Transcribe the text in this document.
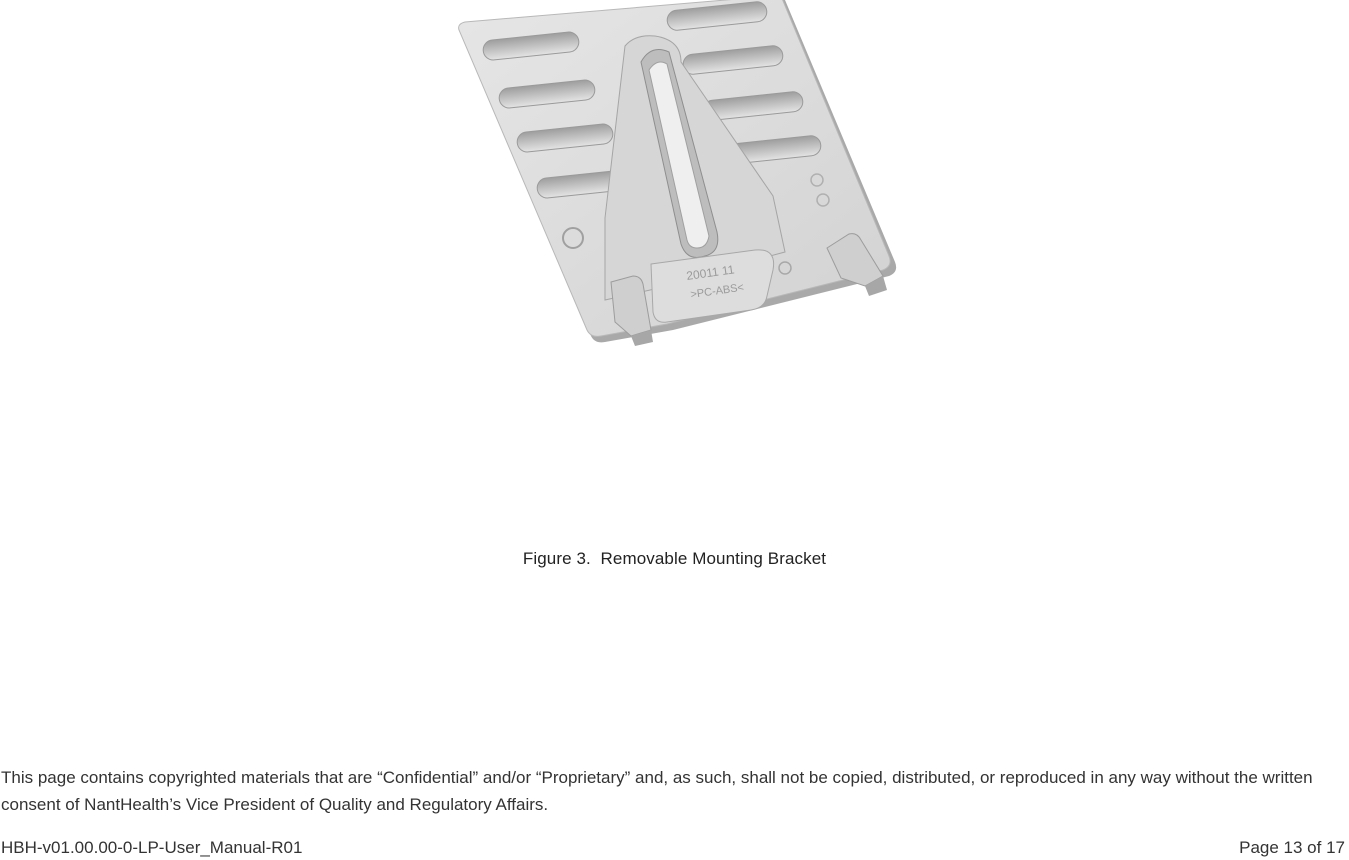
20011 11
>PC-ABS<
Figure 3. Removable Mounting Bracket
This page contains copyrighted materials that are “Confidential” and/or “Proprietary” and, as such, shall not be copied, distributed, or reproduced in any way without the written consent of NantHealth’s Vice President of Quality and Regulatory Affairs.
HBH-v01.00.00-0-LP-User_Manual-R01	Page 13 of 17
